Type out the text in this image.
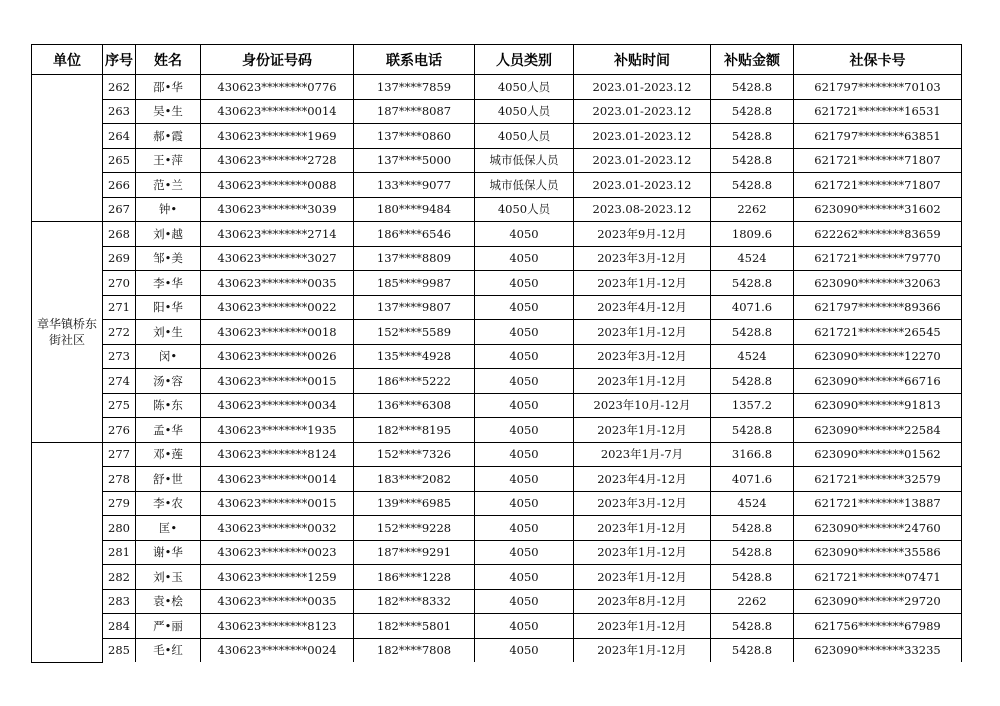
单位	序号	姓名	身份证号码	联系电话	人员类别	补贴时间	补贴金额	社保卡号
	262	邵•华	430623********0776	137****7859	4050人员	2023.01-2023.12	5428.8	621797********70103
	263	吴•生	430623********0014	187****8087	4050人员	2023.01-2023.12	5428.8	621721********16531
	264	郝•霞	430623********1969	137****0860	4050人员	2023.01-2023.12	5428.8	621797********63851
	265	王•萍	430623********2728	137****5000	城市低保人员	2023.01-2023.12	5428.8	621721********71807
	266	范•兰	430623********0088	133****9077	城市低保人员	2023.01-2023.12	5428.8	621721********71807
	267	钟•	430623********3039	180****9484	4050人员	2023.08-2023.12	2262	623090********31602
章华镇桥东街社区	268	刘•越	430623********2714	186****6546	4050	2023年9月-12月	1809.6	622262********83659
	269	邹•美	430623********3027	137****8809	4050	2023年3月-12月	4524	621721********79770
	270	李•华	430623********0035	185****9987	4050	2023年1月-12月	5428.8	623090********32063
	271	阳•华	430623********0022	137****9807	4050	2023年4月-12月	4071.6	621797********89366
	272	刘•生	430623********0018	152****5589	4050	2023年1月-12月	5428.8	621721********26545
	273	闵•	430623********0026	135****4928	4050	2023年3月-12月	4524	623090********12270
	274	汤•容	430623********0015	186****5222	4050	2023年1月-12月	5428.8	623090********66716
	275	陈•东	430623********0034	136****6308	4050	2023年10月-12月	1357.2	623090********91813
	276	孟•华	430623********1935	182****8195	4050	2023年1月-12月	5428.8	623090********22584
	277	邓•莲	430623********8124	152****7326	4050	2023年1月-7月	3166.8	623090********01562
	278	舒•世	430623********0014	183****2082	4050	2023年4月-12月	4071.6	621721********32579
	279	李•农	430623********0015	139****6985	4050	2023年3月-12月	4524	621721********13887
	280	匡•	430623********0032	152****9228	4050	2023年1月-12月	5428.8	623090********24760
	281	谢•华	430623********0023	187****9291	4050	2023年1月-12月	5428.8	623090********35586
	282	刘•玉	430623********1259	186****1228	4050	2023年1月-12月	5428.8	621721********07471
	283	袁•桧	430623********0035	182****8332	4050	2023年8月-12月	2262	623090********29720
	284	严•丽	430623********8123	182****5801	4050	2023年1月-12月	5428.8	621756********67989
	285	毛•红	430623********0024	182****7808	4050	2023年1月-12月	5428.8	623090********33235
